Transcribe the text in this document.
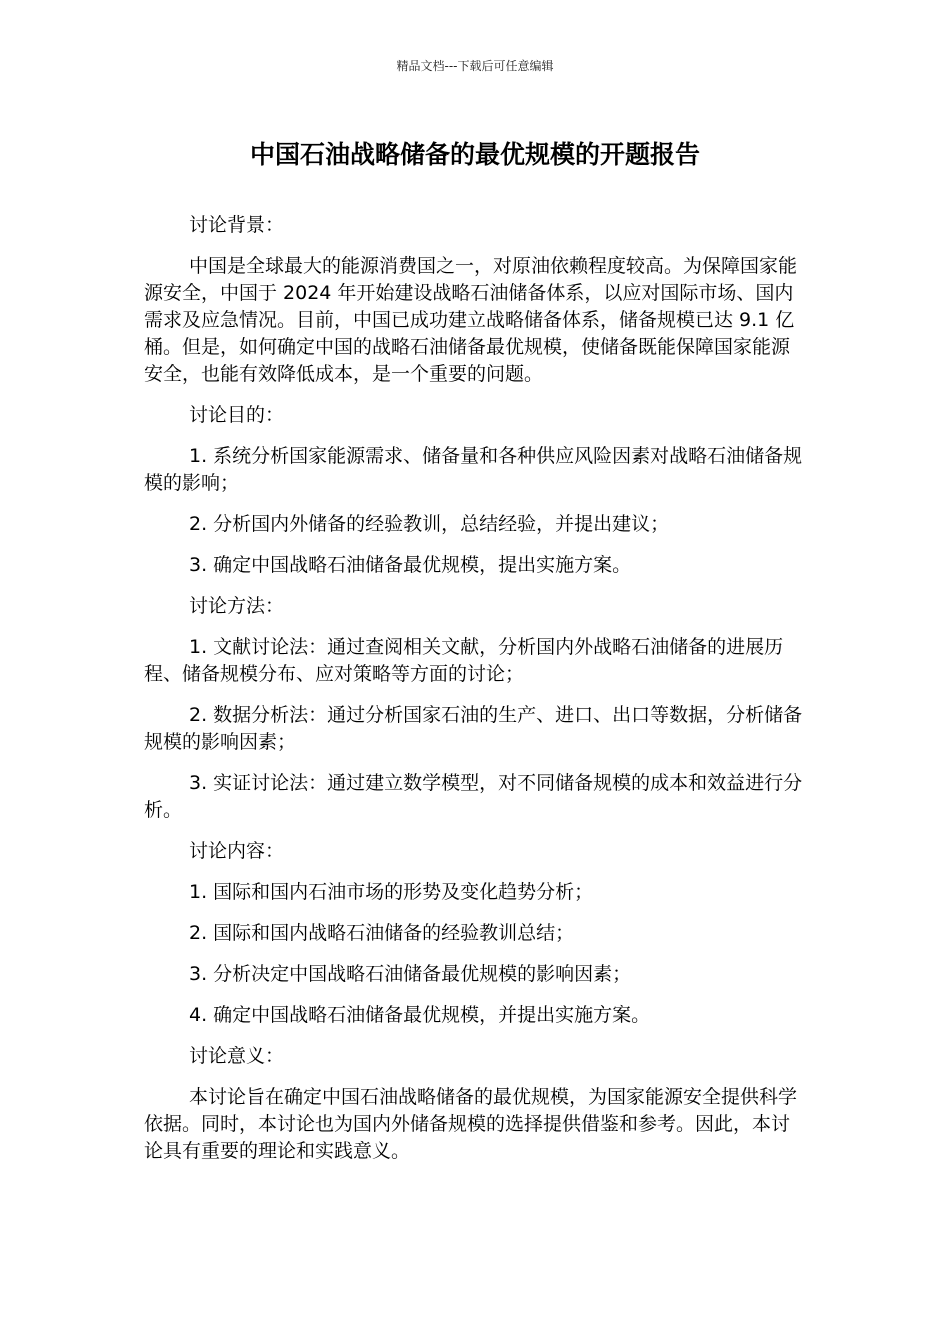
精品文档---下载后可任意编辑
中国石油战略储备的最优规模的开题报告

讨论背景：

中国是全球最大的能源消费国之一，对原油依赖程度较高。为保障国家能源安全，中国于 2024 年开始建设战略石油储备体系，以应对国际市场、国内需求及应急情况。目前，中国已成功建立战略储备体系，储备规模已达 9.1 亿桶。但是，如何确定中国的战略石油储备最优规模，使储备既能保障国家能源安全，也能有效降低成本，是一个重要的问题。

讨论目的：

1. 系统分析国家能源需求、储备量和各种供应风险因素对战略石油储备规模的影响；

2. 分析国内外储备的经验教训，总结经验，并提出建议；

3. 确定中国战略石油储备最优规模，提出实施方案。

讨论方法：

1. 文献讨论法：通过查阅相关文献，分析国内外战略石油储备的进展历程、储备规模分布、应对策略等方面的讨论；

2. 数据分析法：通过分析国家石油的生产、进口、出口等数据，分析储备规模的影响因素；

3. 实证讨论法：通过建立数学模型，对不同储备规模的成本和效益进行分析。

讨论内容：

1. 国际和国内石油市场的形势及变化趋势分析；

2. 国际和国内战略石油储备的经验教训总结；

3. 分析决定中国战略石油储备最优规模的影响因素；

4. 确定中国战略石油储备最优规模，并提出实施方案。

讨论意义：

本讨论旨在确定中国石油战略储备的最优规模，为国家能源安全提供科学依据。同时，本讨论也为国内外储备规模的选择提供借鉴和参考。因此，本讨论具有重要的理论和实践意义。
